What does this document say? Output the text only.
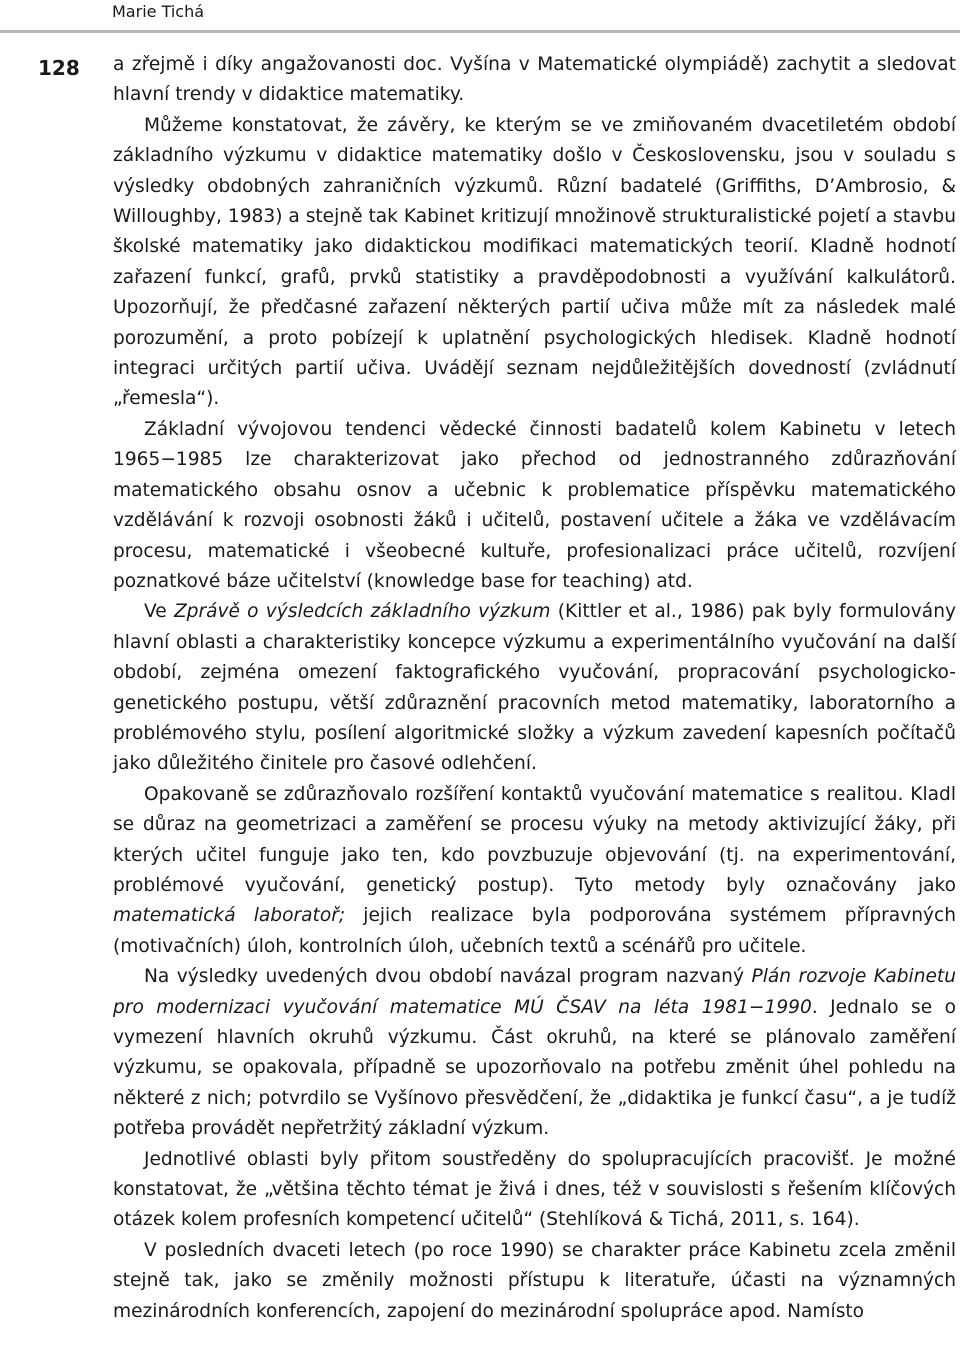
Marie Tichá
128 a zřejmě i díky angažovanosti doc. Vyšína v Matematické olympiádě) zachytit a sledovat hlavní trendy v didaktice matematiky.

Můžeme konstatovat, že závěry, ke kterým se ve zmiňovaném dvacetiletém období základního výzkumu v didaktice matematiky došlo v Československu, jsou v souladu s výsledky obdobných zahraničních výzkumů. Různí badatelé (Griffiths, D’Ambrosio, & Willoughby, 1983) a stejně tak Kabinet kritizují množinově strukturalistické pojetí a stavbu školské matematiky jako didaktickou modifikaci matematických teorií. Kladně hodnotí zařazení funkcí, grafů, prvků statistiky a pravděpodobnosti a využívání kalkulátorů. Upozorňují, že předčasné zařazení některých partií učiva může mít za následek malé porozumění, a proto pobízejí k uplatnění psychologických hledisek. Kladně hodnotí integraci určitých partií učiva. Uvádějí seznam nejdůležitějších dovedností (zvládnutí „řemesla“).

Základní vývojovou tendenci vědecké činnosti badatelů kolem Kabinetu v letech 1965−1985 lze charakterizovat jako přechod od jednostranného zdůrazňování matematického obsahu osnov a učebnic k problematice příspěvku matematického vzdělávání k rozvoji osobnosti žáků i učitelů, postavení učitele a žáka ve vzdělávacím procesu, matematické i všeobecné kultuře, profesionalizaci práce učitelů, rozvíjení poznatkové báze učitelství (knowledge base for teaching) atd.

Ve Zprávě o výsledcích základního výzkum (Kittler et al., 1986) pak byly formulovány hlavní oblasti a charakteristiky koncepce výzkumu a experimentálního vyučování na další období, zejména omezení faktografického vyučování, propracování psychologicko-genetického postupu, větší zdůraznění pracovních metod matematiky, laboratorního a problémového stylu, posílení algoritmické složky a výzkum zavedení kapesních počítačů jako důležitého činitele pro časové odlehčení.

Opakovaně se zdůrazňovalo rozšíření kontaktů vyučování matematice s realitou. Kladl se důraz na geometrizaci a zaměření se procesu výuky na metody aktivizující žáky, při kterých učitel funguje jako ten, kdo povzbuzuje objevování (tj. na experimentování, problémové vyučování, genetický postup). Tyto metody byly označovány jako matematická laboratoř; jejich realizace byla podporována systémem přípravných (motivačních) úloh, kontrolních úloh, učebních textů a scénářů pro učitele.

Na výsledky uvedených dvou období navázal program nazvaný Plán rozvoje Kabinetu pro modernizaci vyučování matematice MÚ ČSAV na léta 1981−1990. Jednalo se o vymezení hlavních okruhů výzkumu. Část okruhů, na které se plánovalo zaměření výzkumu, se opakovala, případně se upozorňovalo na potřebu změnit úhel pohledu na některé z nich; potvrdilo se Vyšínovo přesvědčení, že „didaktika je funkcí času“, a je tudíž potřeba provádět nepřetržitý základní výzkum.

Jednotlivé oblasti byly přitom soustředěny do spolupracujících pracovišť. Je možné konstatovat, že „většina těchto témat je živá i dnes, též v souvislosti s řešením klíčových otázek kolem profesních kompetencí učitelů“ (Stehlíková & Tichá, 2011, s. 164).

V posledních dvaceti letech (po roce 1990) se charakter práce Kabinetu zcela změnil stejně tak, jako se změnily možnosti přístupu k literatuře, účasti na významných mezinárodních konferencích, zapojení do mezinárodní spolupráce apod. Namísto
